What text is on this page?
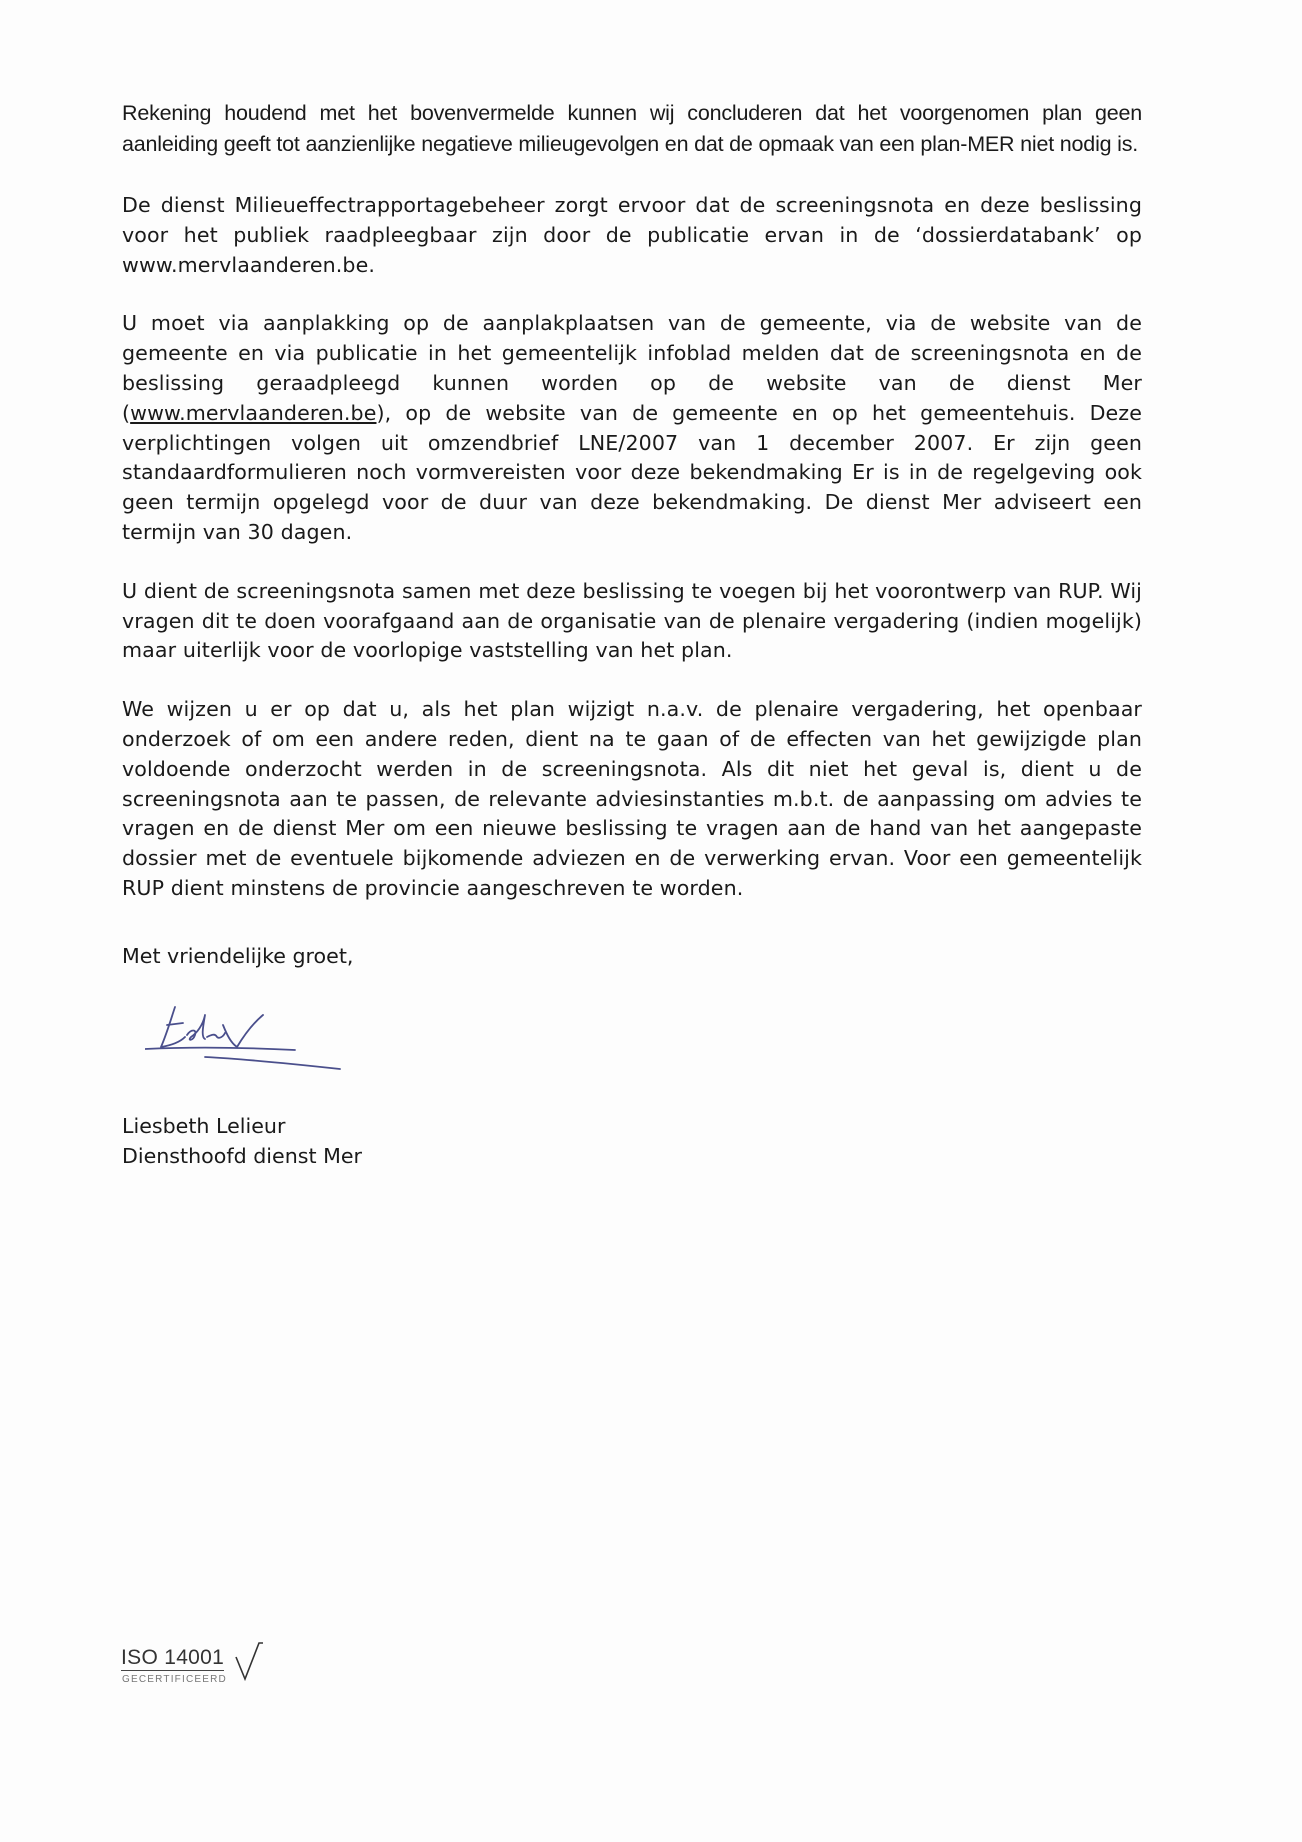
Rekening houdend met het bovenvermelde kunnen wij concluderen dat het voorgenomen plan geen aanleiding geeft tot aanzienlijke negatieve milieugevolgen en dat de opmaak van een plan-MER niet nodig is.

De dienst Milieueffectrapportagebeheer zorgt ervoor dat de screeningsnota en deze beslissing voor het publiek raadpleegbaar zijn door de publicatie ervan in de ‘dossierdatabank’ op www.mervlaanderen.be.

U moet via aanplakking op de aanplakplaatsen van de gemeente, via de website van de gemeente en via publicatie in het gemeentelijk infoblad melden dat de screeningsnota en de beslissing geraadpleegd kunnen worden op de website van de dienst Mer (www.mervlaanderen.be), op de website van de gemeente en op het gemeentehuis. Deze verplichtingen volgen uit omzendbrief LNE/2007 van 1 december 2007. Er zijn geen standaardformulieren noch vormvereisten voor deze bekendmaking Er is in de regelgeving ook geen termijn opgelegd voor de duur van deze bekendmaking. De dienst Mer adviseert een termijn van 30 dagen.

U dient de screeningsnota samen met deze beslissing te voegen bij het voorontwerp van RUP. Wij vragen dit te doen voorafgaand aan de organisatie van de plenaire vergadering (indien mogelijk) maar uiterlijk voor de voorlopige vaststelling van het plan.

We wijzen u er op dat u, als het plan wijzigt n.a.v. de plenaire vergadering, het openbaar onderzoek of om een andere reden, dient na te gaan of de effecten van het gewijzigde plan voldoende onderzocht werden in de screeningsnota. Als dit niet het geval is, dient u de screeningsnota aan te passen, de relevante adviesinstanties m.b.t. de aanpassing om advies te vragen en de dienst Mer om een nieuwe beslissing te vragen aan de hand van het aangepaste dossier met de eventuele bijkomende adviezen en de verwerking ervan. Voor een gemeentelijk RUP dient minstens de provincie aangeschreven te worden.

Met vriendelijke groet,

Liesbeth Lelieur
Diensthoofd dienst Mer
ISO 14001
GECERTIFICEERD
